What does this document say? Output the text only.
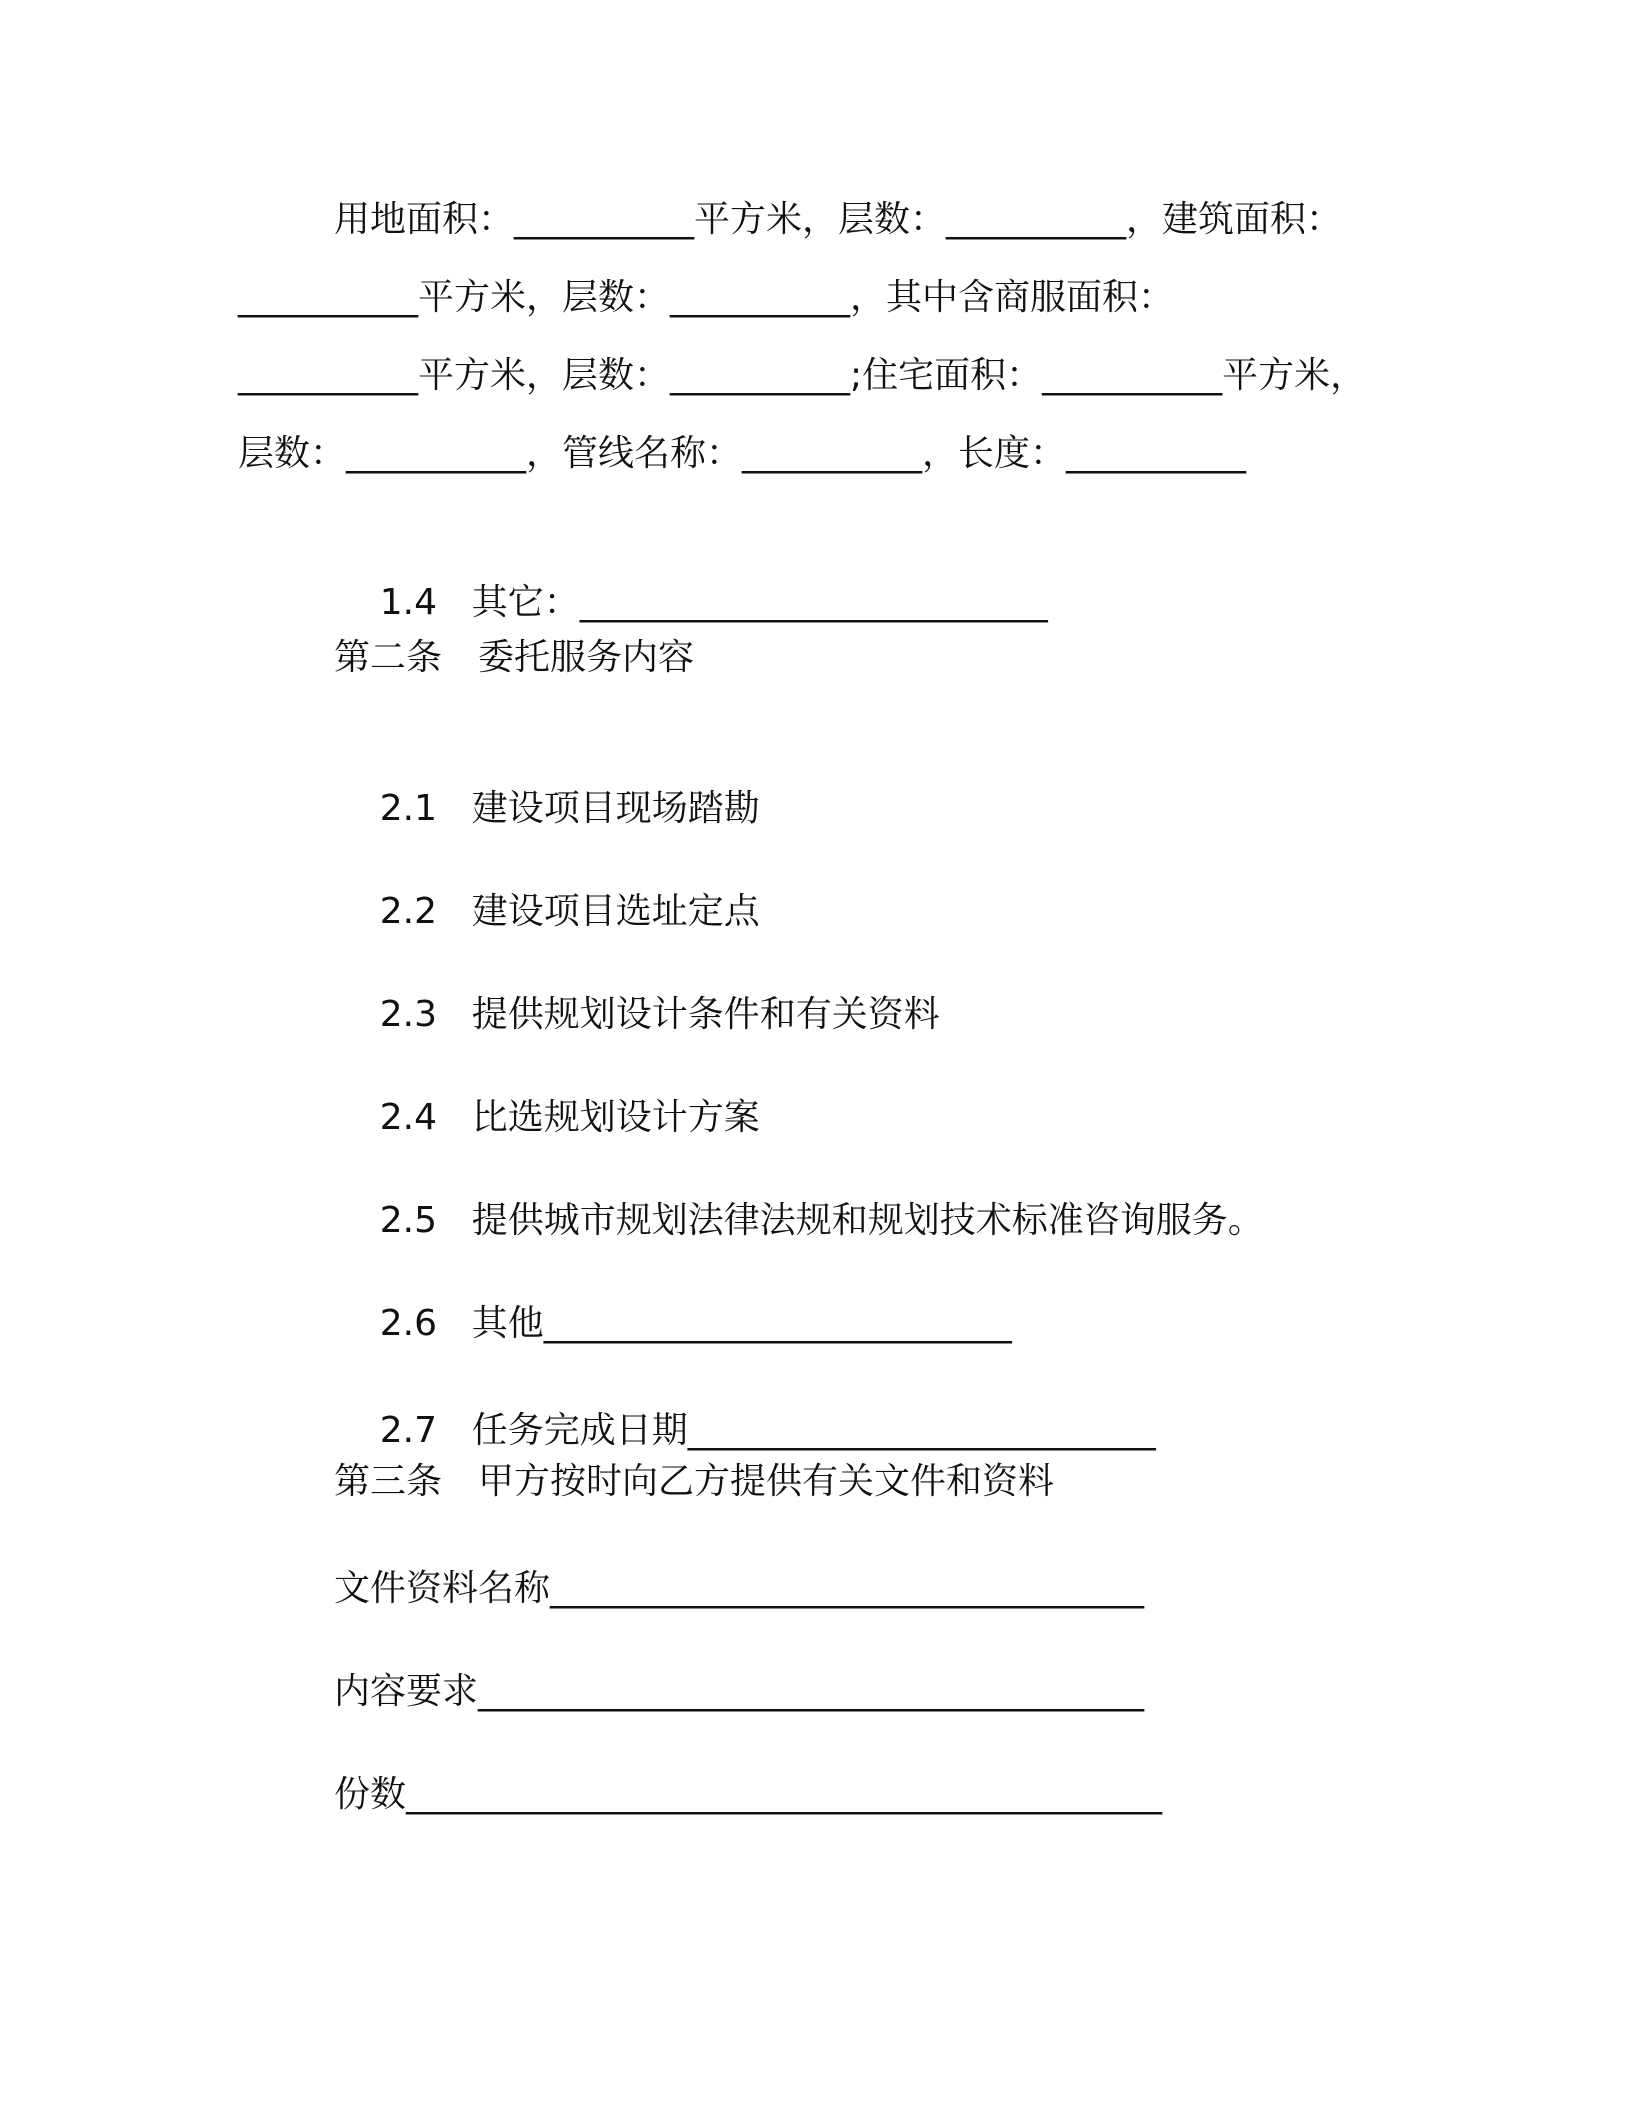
用地面积：__________平方米，层数：__________，建筑面积：
__________平方米，层数：__________，其中含商服面积：
__________平方米，层数：__________;住宅面积：__________平方米，
层数：__________，管线名称：__________，长度：__________

1.4 其它：__________________________

第二条　委托服务内容

2.1 建设项目现场踏勘

2.2 建设项目选址定点

2.3 提供规划设计条件和有关资料

2.4 比选规划设计方案

2.5 提供城市规划法律法规和规划技术标准咨询服务。

2.6 其他__________________________

2.7 任务完成日期__________________________

第三条　甲方按时向乙方提供有关文件和资料
文件资料名称_________________________________
内容要求_____________________________________
份数__________________________________________
